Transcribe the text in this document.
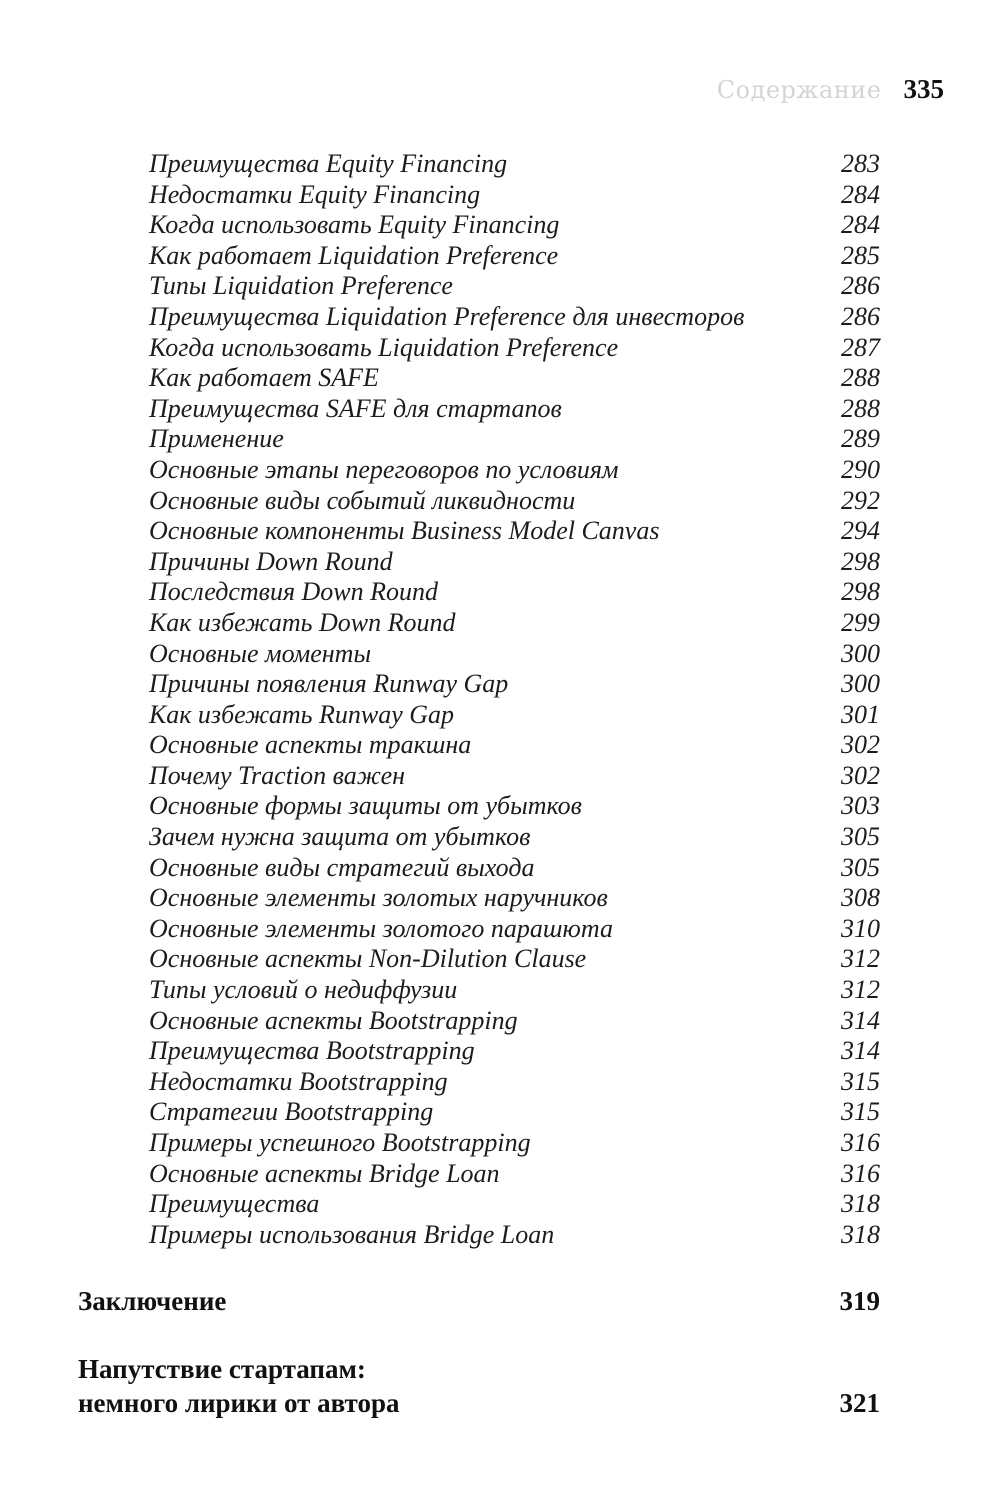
Содержание 335
Преимущества Equity Financing	283
Недостатки Equity Financing	284
Когда использовать Equity Financing	284
Как работает Liquidation Preference	285
Типы Liquidation Preference	286
Преимущества Liquidation Preference для инвесторов	286
Когда использовать Liquidation Preference	287
Как работает SAFE	288
Преимущества SAFE для стартапов	288
Применение	289
Основные этапы переговоров по условиям	290
Основные виды событий ликвидности	292
Основные компоненты Business Model Canvas	294
Причины Down Round	298
Последствия Down Round	298
Как избежать Down Round	299
Основные моменты	300
Причины появления Runway Gap	300
Как избежать Runway Gap	301
Основные аспекты тракшна	302
Почему Traction важен	302
Основные формы защиты от убытков	303
Зачем нужна защита от убытков	305
Основные виды стратегий выхода	305
Основные элементы золотых наручников	308
Основные элементы золотого парашюта	310
Основные аспекты Non-Dilution Clause	312
Типы условий о недиффузии	312
Основные аспекты Bootstrapping	314
Преимущества Bootstrapping	314
Недостатки Bootstrapping	315
Стратегии Bootstrapping	315
Примеры успешного Bootstrapping	316
Основные аспекты Bridge Loan	316
Преимущества	318
Примеры использования Bridge Loan	318
Заключение	319
Напутствие стартапам:
немного лирики от автора	321
